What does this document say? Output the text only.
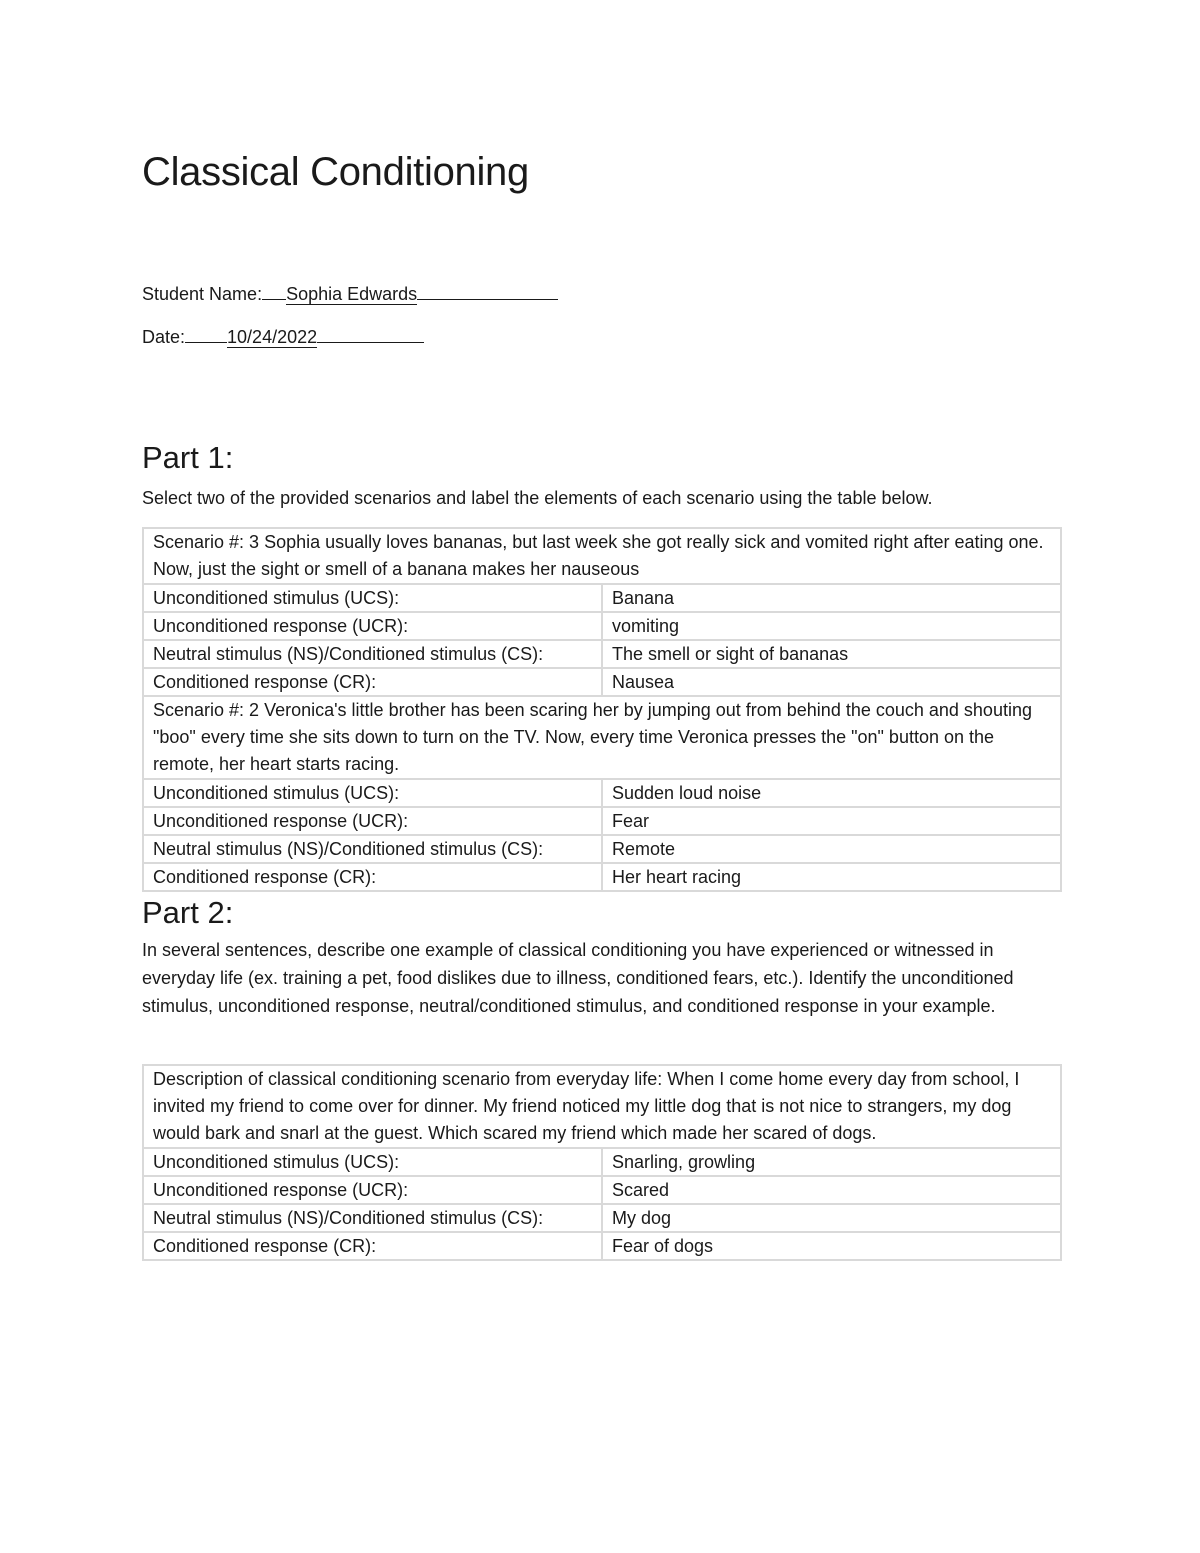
Classical Conditioning
Student Name: Sophia Edwards
Date: 10/24/2022
Part 1:

Select two of the provided scenarios and label the elements of each scenario using the table below.

Scenario #: 3 Sophia usually loves bananas, but last week she got really sick and vomited right after eating one. Now, just the sight or smell of a banana makes her nauseous	
Unconditioned stimulus (UCS):	Banana
Unconditioned response (UCR):	vomiting
Neutral stimulus (NS)/Conditioned stimulus (CS):	The smell or sight of bananas
Conditioned response (CR):	Nausea
Scenario #: 2 Veronica's little brother has been scaring her by jumping out from behind the couch and shouting "boo" every time she sits down to turn on the TV. Now, every time Veronica presses the "on" button on the remote, her heart starts racing.	
Unconditioned stimulus (UCS):	Sudden loud noise
Unconditioned response (UCR):	Fear
Neutral stimulus (NS)/Conditioned stimulus (CS):	Remote
Conditioned response (CR):	Her heart racing
Part 2:

In several sentences, describe one example of classical conditioning you have experienced or witnessed in everyday life (ex. training a pet, food dislikes due to illness, conditioned fears, etc.). Identify the unconditioned stimulus, unconditioned response, neutral/conditioned stimulus, and conditioned response in your example.

Description of classical conditioning scenario from everyday life: When I come home every day from school, I invited my friend to come over for dinner. My friend noticed my little dog that is not nice to strangers, my dog would bark and snarl at the guest. Which scared my friend which made her scared of dogs.	
Unconditioned stimulus (UCS):	Snarling, growling
Unconditioned response (UCR):	Scared
Neutral stimulus (NS)/Conditioned stimulus (CS):	My dog
Conditioned response (CR):	Fear of dogs
